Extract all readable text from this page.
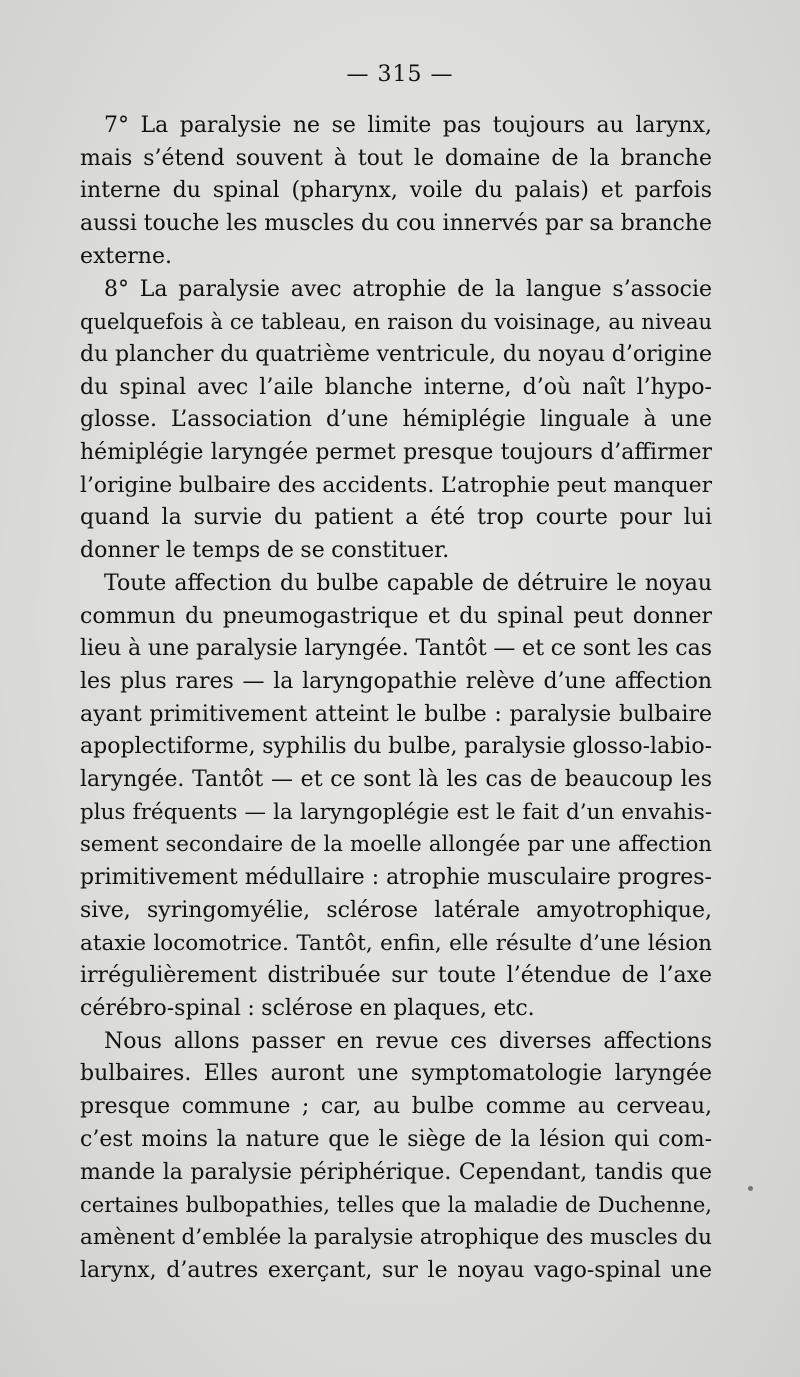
— 315 —

7° La paralysie ne se limite pas toujours au larynx,
mais s’étend souvent à tout le domaine de la branche
interne du spinal (pharynx, voile du palais) et parfois
aussi touche les muscles du cou innervés par sa branche
externe.

8° La paralysie avec atrophie de la langue s’associe
quelquefois à ce tableau, en raison du voisinage, au niveau
du plancher du quatrième ventricule, du noyau d’origine
du spinal avec l’aile blanche interne, d’où naît l’hypo-
glosse. L’association d’une hémiplégie linguale à une
hémiplégie laryngée permet presque toujours d’affirmer
l’origine bulbaire des accidents. L’atrophie peut manquer
quand la survie du patient a été trop courte pour lui
donner le temps de se constituer.

Toute affection du bulbe capable de détruire le noyau
commun du pneumogastrique et du spinal peut donner
lieu à une paralysie laryngée. Tantôt — et ce sont les cas
les plus rares — la laryngopathie relève d’une affection
ayant primitivement atteint le bulbe : paralysie bulbaire
apoplectiforme, syphilis du bulbe, paralysie glosso-labio-
laryngée. Tantôt — et ce sont là les cas de beaucoup les
plus fréquents — la laryngoplégie est le fait d’un envahis-
sement secondaire de la moelle allongée par une affection
primitivement médullaire : atrophie musculaire progres-
sive, syringomyélie, sclérose latérale amyotrophique,
ataxie locomotrice. Tantôt, enfin, elle résulte d’une lésion
irrégulièrement distribuée sur toute l’étendue de l’axe
cérébro-spinal : sclérose en plaques, etc.

Nous allons passer en revue ces diverses affections
bulbaires. Elles auront une symptomatologie laryngée
presque commune ; car, au bulbe comme au cerveau,
c’est moins la nature que le siège de la lésion qui com-
mande la paralysie périphérique. Cependant, tandis que
certaines bulbopathies, telles que la maladie de Duchenne,
amènent d’emblée la paralysie atrophique des muscles du
larynx, d’autres exerçant, sur le noyau vago-spinal une
